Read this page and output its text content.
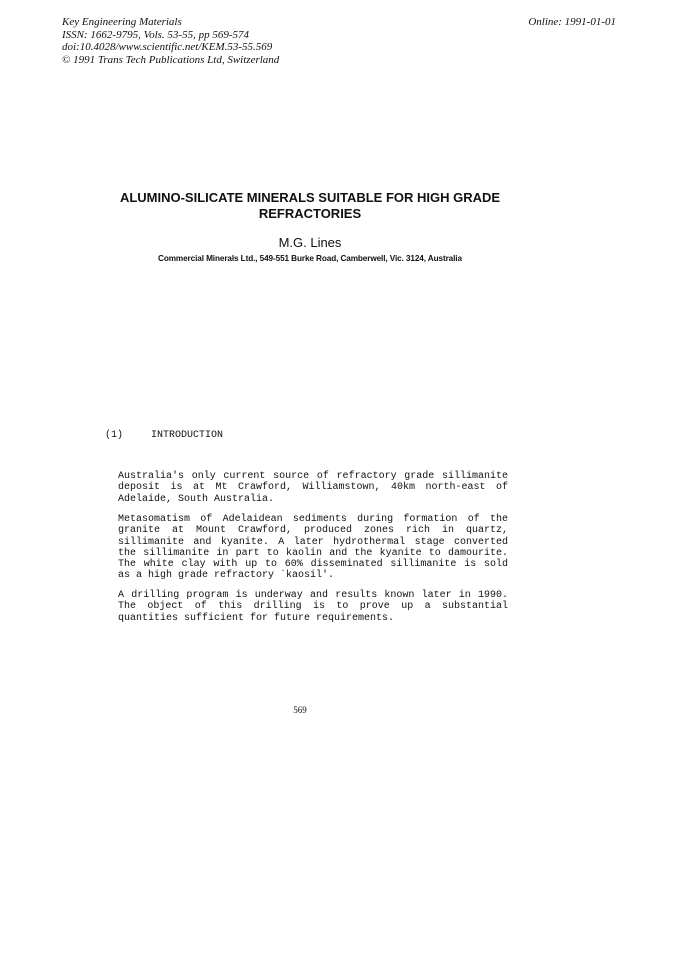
Key Engineering Materials
ISSN: 1662-9795, Vols. 53-55, pp 569-574
doi:10.4028/www.scientific.net/KEM.53-55.569
© 1991 Trans Tech Publications Ltd, Switzerland
Online: 1991-01-01
ALUMINO-SILICATE MINERALS SUITABLE FOR HIGH GRADE REFRACTORIES
M.G. Lines
Commercial Minerals Ltd., 549-551 Burke Road, Camberwell, Vic. 3124, Australia
(1)	INTRODUCTION

Australia's only current source of refractory grade sillimanite deposit is at Mt Crawford, Williamstown, 40km north-east of Adelaide, South Australia.

Metasomatism of Adelaidean sediments during formation of the granite at Mount Crawford, produced zones rich in quartz, sillimanite and kyanite. A later hydrothermal stage converted the sillimanite in part to kaolin and the kyanite to damourite. The white clay with up to 60% disseminated sillimanite is sold as a high grade refractory `kaosil'.

A drilling program is underway and results known later in 1990. The object of this drilling is to prove up a substantial quantities sufficient for future requirements.

569
